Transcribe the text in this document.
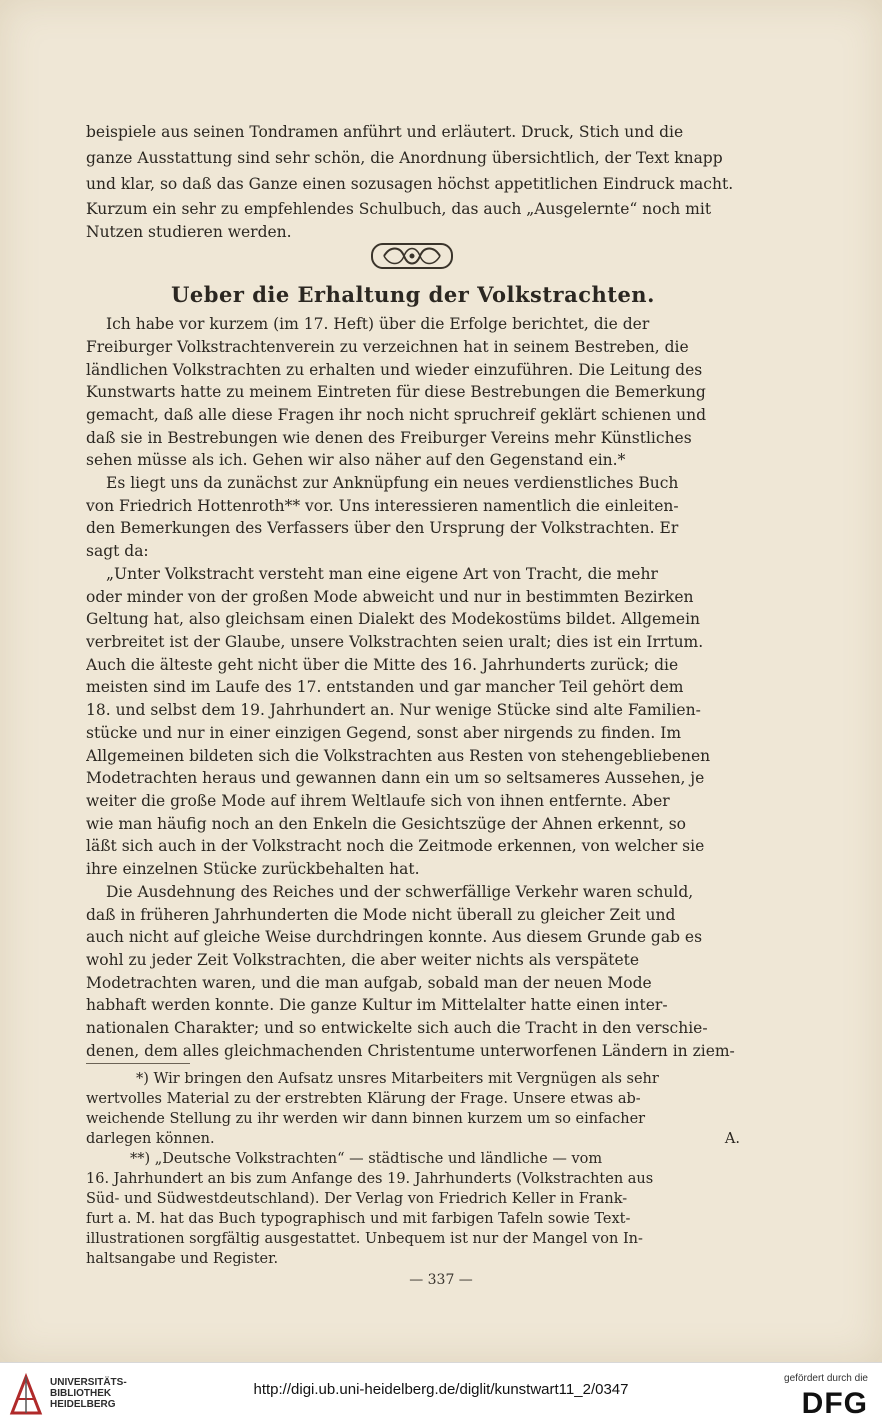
beispiele aus seinen Tondramen anführt und erläutert. Druck, Stich und die
ganze Ausstattung sind sehr schön, die Anordnung übersichtlich, der Text knapp
und klar, so daß das Ganze einen sozusagen höchst appetitlichen Eindruck macht.
Kurzum ein sehr zu empfehlendes Schulbuch, das auch „Ausgelernte“ noch mit
Nutzen studieren werden.
Ueber die Erhaltung der Volkstrachten.
Ich habe vor kurzem (im 17. Heft) über die Erfolge berichtet, die der
Freiburger Volkstrachtenverein zu verzeichnen hat in seinem Bestreben, die
ländlichen Volkstrachten zu erhalten und wieder einzuführen. Die Leitung des
Kunstwarts hatte zu meinem Eintreten für diese Bestrebungen die Bemerkung
gemacht, daß alle diese Fragen ihr noch nicht spruchreif geklärt schienen und
daß sie in Bestrebungen wie denen des Freiburger Vereins mehr Künstliches
sehen müsse als ich. Gehen wir also näher auf den Gegenstand ein.*
Es liegt uns da zunächst zur Anknüpfung ein neues verdienstliches Buch
von Friedrich Hottenroth** vor. Uns interessieren namentlich die einleiten-
den Bemerkungen des Verfassers über den Ursprung der Volkstrachten. Er
sagt da:
„Unter Volkstracht versteht man eine eigene Art von Tracht, die mehr
oder minder von der großen Mode abweicht und nur in bestimmten Bezirken
Geltung hat, also gleichsam einen Dialekt des Modekostüms bildet. Allgemein
verbreitet ist der Glaube, unsere Volkstrachten seien uralt; dies ist ein Irrtum.
Auch die älteste geht nicht über die Mitte des 16. Jahrhunderts zurück; die
meisten sind im Laufe des 17. entstanden und gar mancher Teil gehört dem
18. und selbst dem 19. Jahrhundert an. Nur wenige Stücke sind alte Familien-
stücke und nur in einer einzigen Gegend, sonst aber nirgends zu finden. Im
Allgemeinen bildeten sich die Volkstrachten aus Resten von stehengebliebenen
Modetrachten heraus und gewannen dann ein um so seltsameres Aussehen, je
weiter die große Mode auf ihrem Weltlaufe sich von ihnen entfernte. Aber
wie man häufig noch an den Enkeln die Gesichtszüge der Ahnen erkennt, so
läßt sich auch in der Volkstracht noch die Zeitmode erkennen, von welcher sie
ihre einzelnen Stücke zurückbehalten hat.
Die Ausdehnung des Reiches und der schwerfällige Verkehr waren schuld,
daß in früheren Jahrhunderten die Mode nicht überall zu gleicher Zeit und
auch nicht auf gleiche Weise durchdringen konnte. Aus diesem Grunde gab es
wohl zu jeder Zeit Volkstrachten, die aber weiter nichts als verspätete
Modetrachten waren, und die man aufgab, sobald man der neuen Mode
habhaft werden konnte. Die ganze Kultur im Mittelalter hatte einen inter-
nationalen Charakter; und so entwickelte sich auch die Tracht in den verschie-
denen, dem alles gleichmachenden Christentume unterworfenen Ländern in ziem-
*) Wir bringen den Aufsatz unsres Mitarbeiters mit Vergnügen als sehr
wertvolles Material zu der erstrebten Klärung der Frage. Unsere etwas ab-
weichende Stellung zu ihr werden wir dann binnen kurzem um so einfacher
darlegen können.	A.
**) „Deutsche Volkstrachten“ — städtische und ländliche — vom
16. Jahrhundert an bis zum Anfange des 19. Jahrhunderts (Volkstrachten aus
Süd- und Südwestdeutschland). Der Verlag von Friedrich Keller in Frank-
furt a. M. hat das Buch typographisch und mit farbigen Tafeln sowie Text-
illustrationen sorgfältig ausgestattet. Unbequem ist nur der Mangel von In-
haltsangabe und Register.
— 337 —
UNIVERSITÄTS-
BIBLIOTHEK
HEIDELBERG
http://digi.ub.uni-heidelberg.de/diglit/kunstwart11_2/0347
gefördert durch die
DFG
